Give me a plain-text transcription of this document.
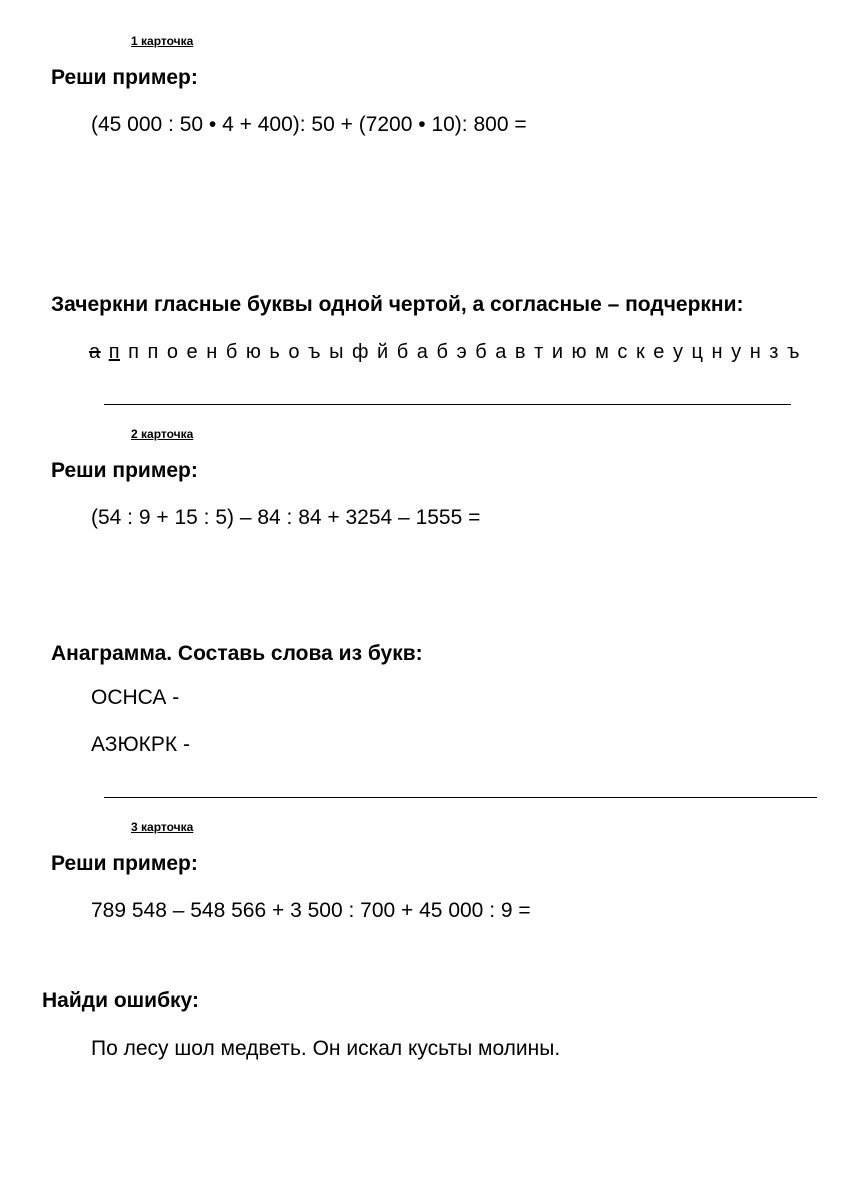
1 карточка
Реши пример:
(45 000 : 50 • 4 + 400): 50 + (7200 • 10): 800 =
Зачеркни гласные буквы одной чертой, а согласные – подчеркни:
а п п п о е н б ю ь о ъ ы ф й б а б э б а в т и ю м с к е у ц н у н з ъ
2 карточка
Реши пример:
(54 : 9 + 15 : 5) – 84 : 84 + 3254 – 1555 =
Анаграмма. Составь слова из букв:
ОСНСА -
АЗЮКРК -
3 карточка
Реши пример:
789 548 – 548 566 + 3 500 : 700 + 45 000 : 9 =
Найди ошибку:
По лесу шол медветь. Он искал кусьты молины.
